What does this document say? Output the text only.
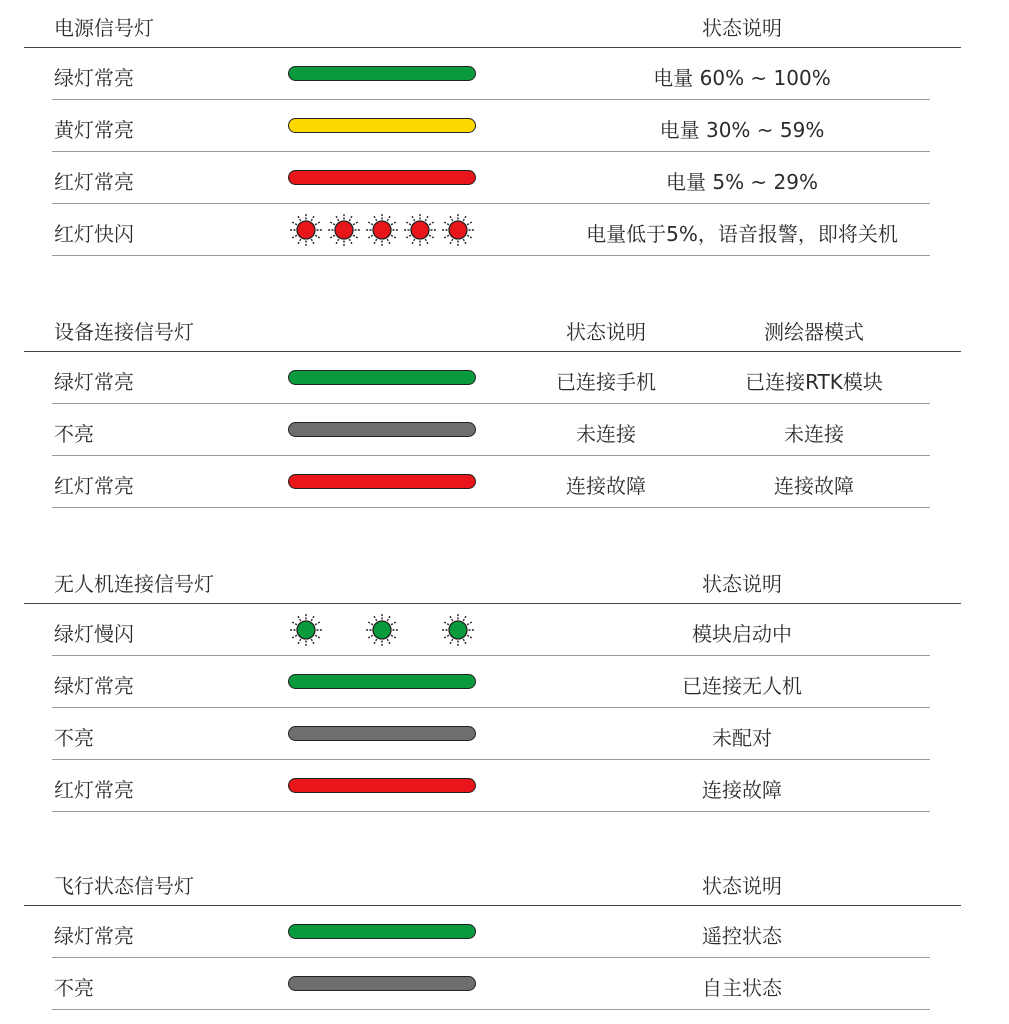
电源信号灯	状态说明
绿灯常亮	电量 60% ~ 100%
黄灯常亮	电量 30% ~ 59%
红灯常亮	电量 5% ~ 29%
红灯快闪	电量低于5%，语音报警，即将关机
设备连接信号灯	状态说明	测绘器模式
绿灯常亮	已连接手机	已连接RTK模块
不亮	未连接	未连接
红灯常亮	连接故障	连接故障
无人机连接信号灯	状态说明
绿灯慢闪	模块启动中
绿灯常亮	已连接无人机
不亮	未配对
红灯常亮	连接故障
飞行状态信号灯	状态说明
绿灯常亮	遥控状态
不亮	自主状态
